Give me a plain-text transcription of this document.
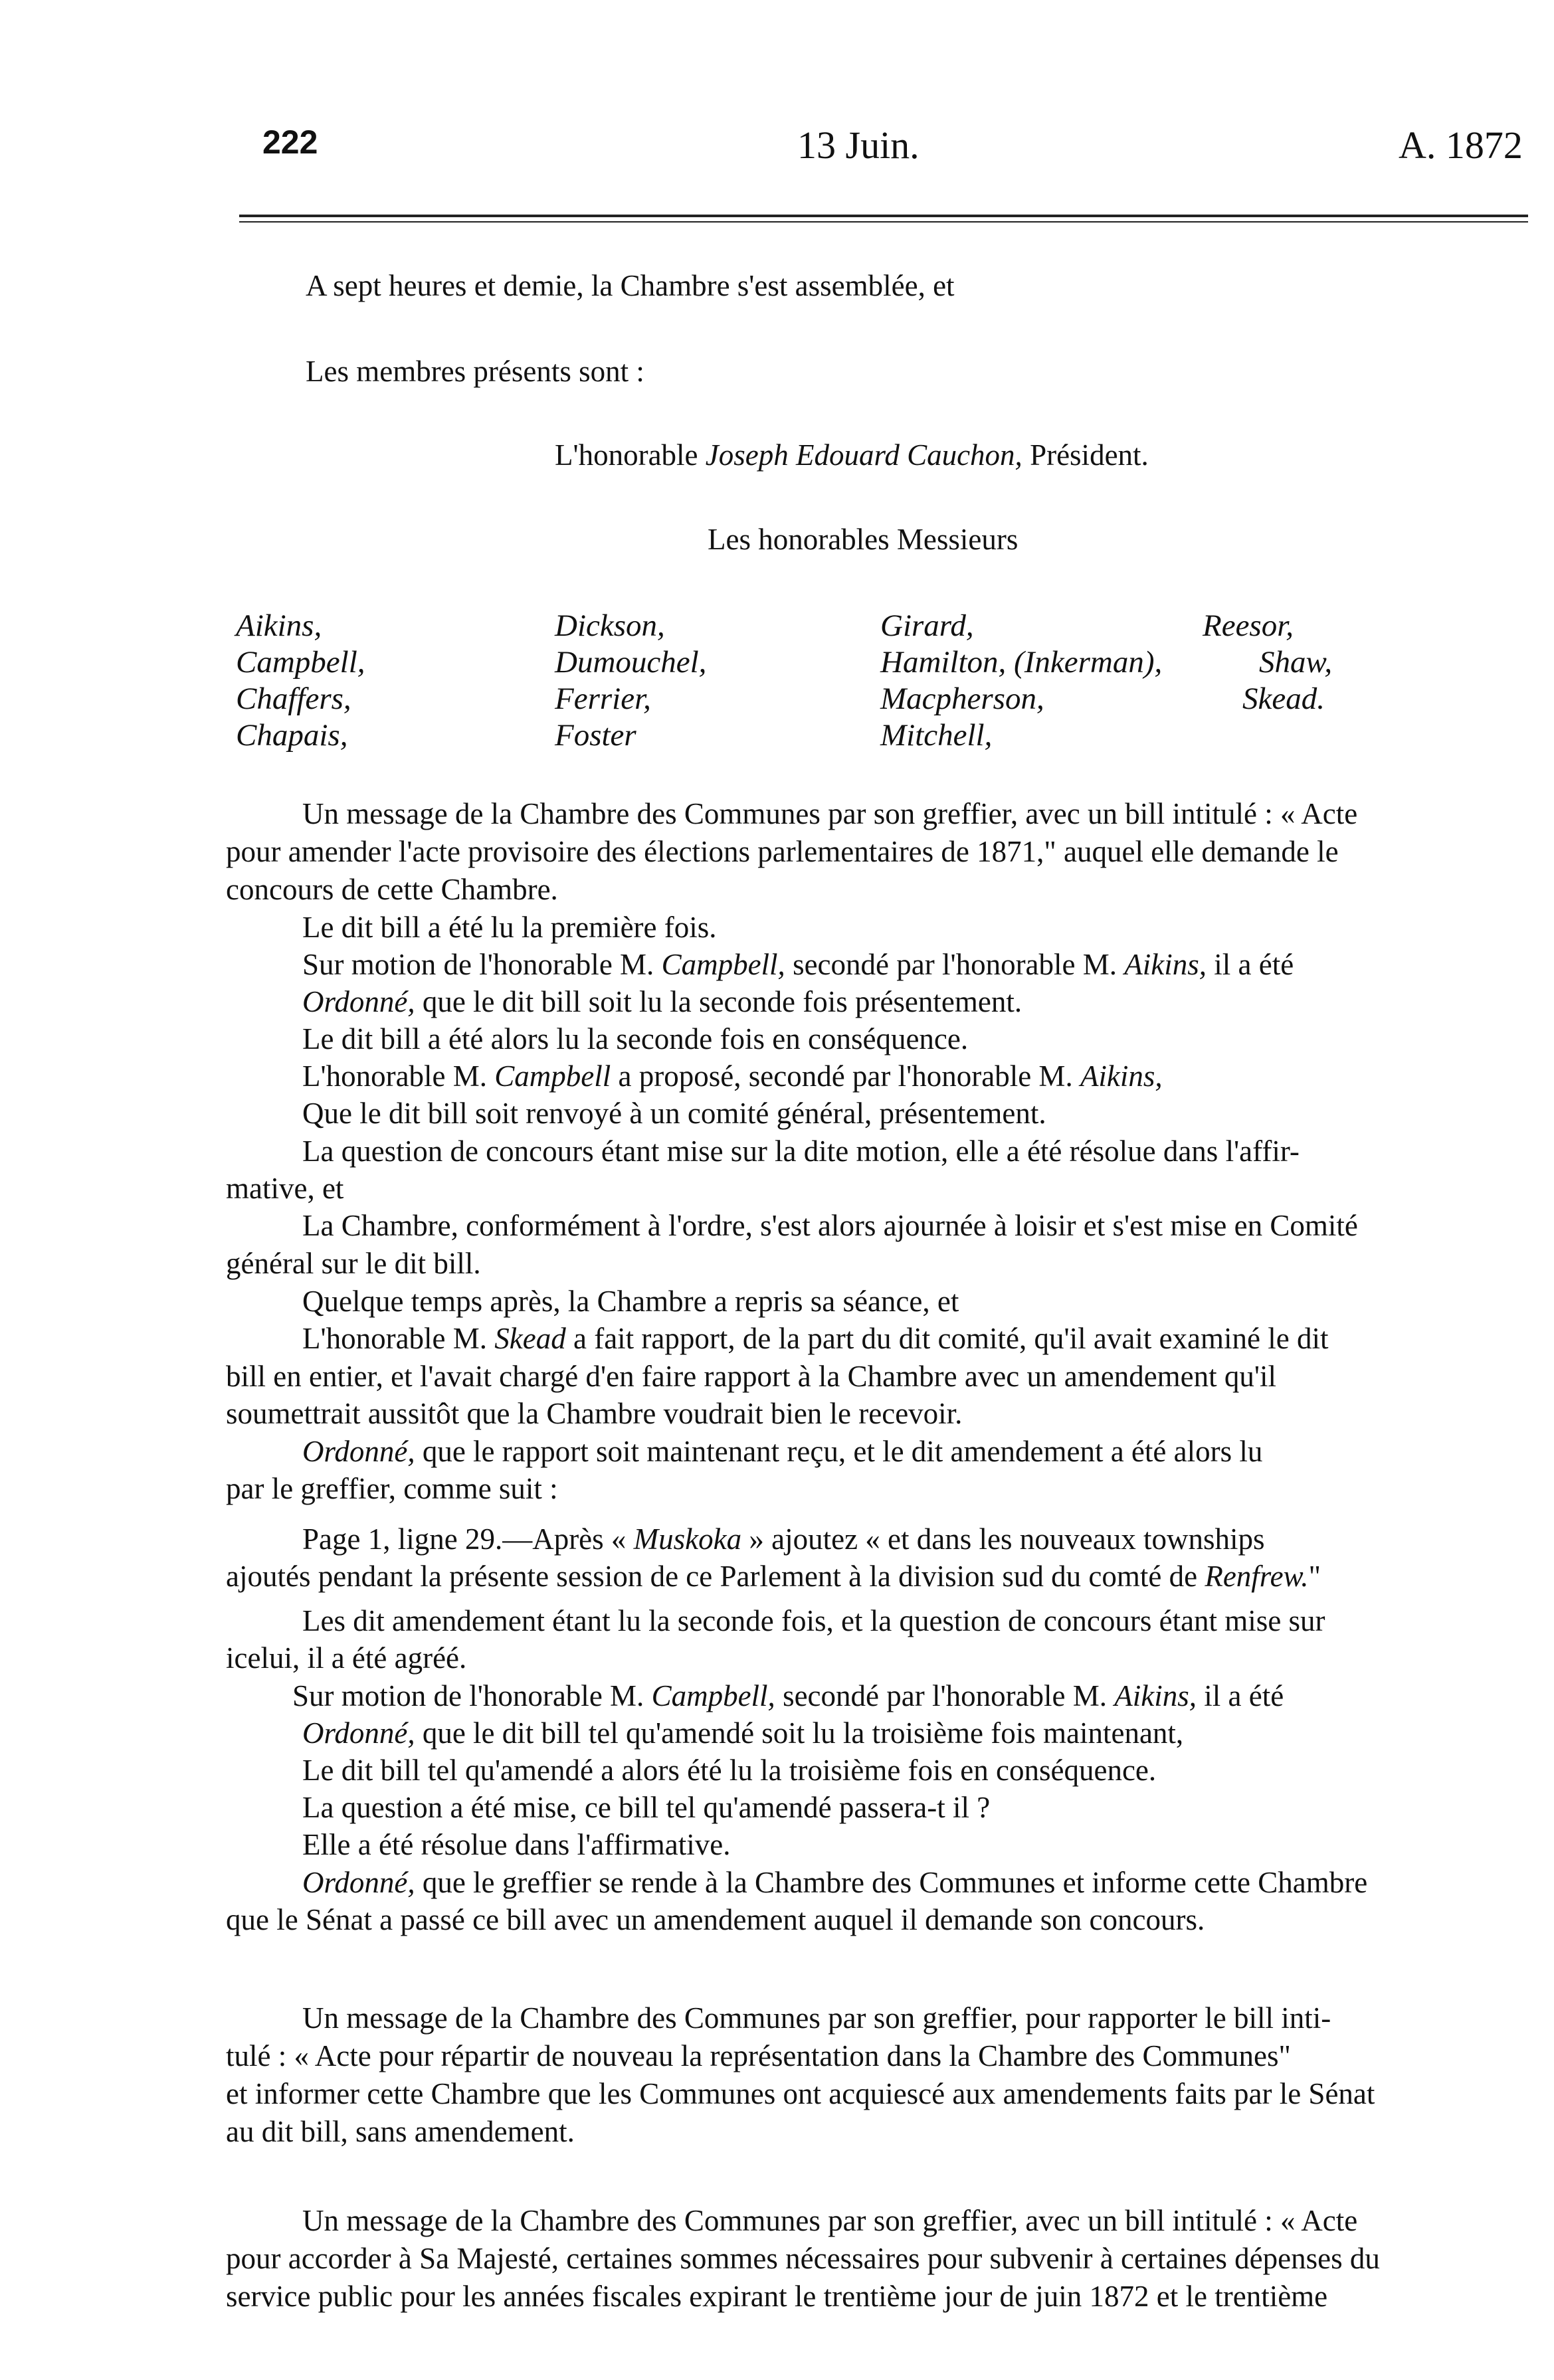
222	13 Juin.	A. 1872
A sept heures et demie, la Chambre s'est assemblée, et
Les membres présents sont :
L'honorable Joseph Edouard Cauchon, Président.
Les honorables Messieurs
Aikins,
Campbell,
Chaffers,
Chapais,
Dickson,
Dumouchel,
Ferrier,
Foster
Girard,
Hamilton, (Inkerman),
Macpherson,
Mitchell,
Reesor,
Shaw,
Skead.
Un message de la Chambre des Communes par son greffier, avec un bill intitulé : « Acte
pour amender l'acte provisoire des élections parlementaires de 1871," auquel elle demande le
concours de cette Chambre.
Le dit bill a été lu la première fois.
Sur motion de l'honorable M. Campbell, secondé par l'honorable M. Aikins, il a été
Ordonné, que le dit bill soit lu la seconde fois présentement.
Le dit bill a été alors lu la seconde fois en conséquence.
L'honorable M. Campbell a proposé, secondé par l'honorable M. Aikins,
Que le dit bill soit renvoyé à un comité général, présentement.
La question de concours étant mise sur la dite motion, elle a été résolue dans l'affir-
mative, et
La Chambre, conformément à l'ordre, s'est alors ajournée à loisir et s'est mise en Comité
général sur le dit bill.
Quelque temps après, la Chambre a repris sa séance, et
L'honorable M. Skead a fait rapport, de la part du dit comité, qu'il avait examiné le dit
bill en entier, et l'avait chargé d'en faire rapport à la Chambre avec un amendement qu'il
soumettrait aussitôt que la Chambre voudrait bien le recevoir.
Ordonné, que le rapport soit maintenant reçu, et le dit amendement a été alors lu
par le greffier, comme suit :
Page 1, ligne 29.—Après « Muskoka » ajoutez « et dans les nouveaux townships
ajoutés pendant la présente session de ce Parlement à la division sud du comté de Renfrew."
Les dit amendement étant lu la seconde fois, et la question de concours étant mise sur
icelui, il a été agréé.
Sur motion de l'honorable M. Campbell, secondé par l'honorable M. Aikins, il a été
Ordonné, que le dit bill tel qu'amendé soit lu la troisième fois maintenant,
Le dit bill tel qu'amendé a alors été lu la troisième fois en conséquence.
La question a été mise, ce bill tel qu'amendé passera-t il ?
Elle a été résolue dans l'affirmative.
Ordonné, que le greffier se rende à la Chambre des Communes et informe cette Chambre
que le Sénat a passé ce bill avec un amendement auquel il demande son concours.
Un message de la Chambre des Communes par son greffier, pour rapporter le bill inti-
tulé : « Acte pour répartir de nouveau la représentation dans la Chambre des Communes"
et informer cette Chambre que les Communes ont acquiescé aux amendements faits par le Sénat
au dit bill, sans amendement.
Un message de la Chambre des Communes par son greffier, avec un bill intitulé : « Acte
pour accorder à Sa Majesté, certaines sommes nécessaires pour subvenir à certaines dépenses du
service public pour les années fiscales expirant le trentième jour de juin 1872 et le trentième
